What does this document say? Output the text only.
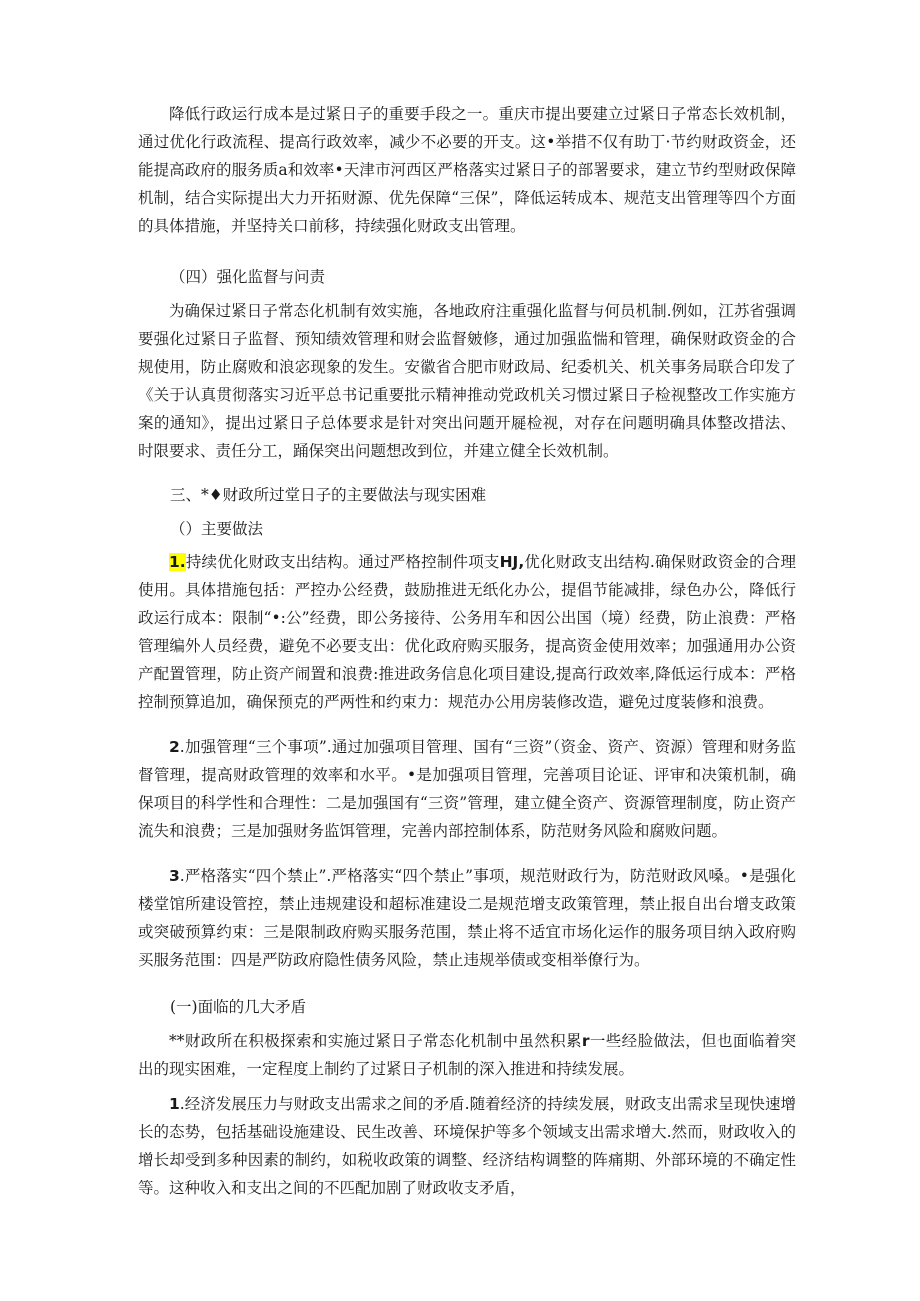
降低行政运行成本是过紧日子的重要手段之一。重庆市提出要建立过紧日子常态长效机制，通过优化行政流程、提高行政效率，减少不必要的开支。这•举措不仅有助丁·节约财政资金，还能提高政府的服务质a和效率•天津市河西区严格落实过紧日子的部署要求，建立节约型财政保障机制，结合实际提出大力开拓财源、优先保障“三保”，降低运转成本、规范支出管理等四个方面的具体措施，并坚持关口前移，持续强化财政支出管理。

（四）强化监督与问责

为确保过紧日子常态化机制有效实施，各地政府注重强化监督与何员机制.例如，江苏省强调要强化过紧日子监督、预知绩效管理和财会监督皴修，通过加强监惴和管理，确保财政资金的合规使用，防止腐败和浪宓现象的发生。安徽省合肥市财政局、纪委机关、机关事务局联合印发了《关于认真贯彻落实习近平总书记重要批示精神推动党政机关习惯过紧日子检视整改工作实施方案的通知》，提出过紧日子总体要求是针对突出问题开屣检视，对存在问题明确具体整改措法、时限要求、责任分工，踊保突出问题想改到位，并建立健全长效机制。

三、*♦财政所过堂日子的主要做法与现实困难

（）主要做法

1.持续优化财政支出结构。通过严格控制件项支HJ,优化财政支出结构.确保财政资金的合理使用。具体措施包括：严控办公经费，鼓励推进无纸化办公，提倡节能减排，绿色办公，降低行政运行成本：限制“•:公”经费，即公务接待、公务用车和因公出国（境）经费，防止浪费：严格管理编外人员经费，避免不必要支出：优化政府购买服务，提高资金使用效率；加强通用办公资产配置管理，防止资产闹置和浪费:推进政务信息化项目建设,提高行政效率,降低运行成本：严格控制预算追加，确保预克的严两性和约束力：规范办公用房装修改造，避免过度装修和浪费。

2.加强管理“三个事项”.通过加强项目管理、国有“三资”（资金、资产、资源）管理和财务监督管理，提高财政管理的效率和水平。•是加强项目管理，完善项目论证、评审和决策机制，确保项目的科学性和合理性：二是加强国有“三资”管理，建立健全资产、资源管理制度，防止资产流失和浪费；三是加强财务监饵管理，完善内部控制体系，防范财务风险和腐败问题。

3.严格落实“四个禁止”.严格落实“四个禁止”事项，规范财政行为，防范财政风嗓。•是强化楼堂馆所建设管控，禁止违规建设和超标准建设二是规范增支政策管理，禁止报自出台增支政策或突破预算约束：三是限制政府购买服务范围，禁止将不适宜市场化运作的服务项目纳入政府购买服务范围：四是严防政府隐性债务风险，禁止违规举债或变相举僚行为。

(一)面临的几大矛盾

**财政所在积极探索和实施过紧日子常态化机制中虽然积累r一些经脸做法，但也面临着突出的现实困难，一定程度上制约了过紧日子机制的深入推进和持续发展。

1.经济发展压力与财政支出需求之间的矛盾.随着经济的持续发展，财政支出需求呈现快速增长的态势，包括基础设施建设、民生改善、环境保护等多个领域支出需求增大.然而，财政收入的增长却受到多种因素的制约，如税收政策的调整、经济结构调整的阵痛期、外部环境的不确定性等。这种收入和支出之间的不匹配加剧了财政收支矛盾，
